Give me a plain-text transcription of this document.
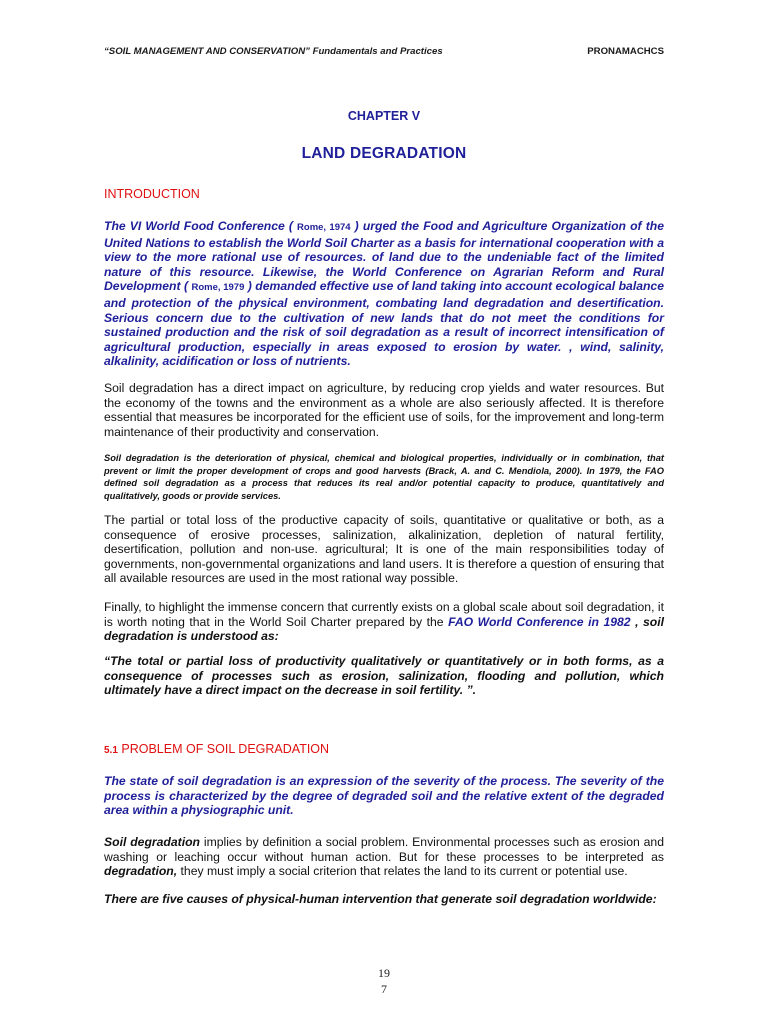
“SOIL MANAGEMENT AND CONSERVATION” Fundamentals and Practices	PRONAMACHCS
CHAPTER V
LAND DEGRADATION
INTRODUCTION

The VI World Food Conference ( Rome, 1974 ) urged the Food and Agriculture Organization of the United Nations to establish the World Soil Charter as a basis for international cooperation with a view to the more rational use of resources. of land due to the undeniable fact of the limited nature of this resource. Likewise, the World Conference on Agrarian Reform and Rural Development ( Rome, 1979 ) demanded effective use of land taking into account ecological balance and protection of the physical environment, combating land degradation and desertification. Serious concern due to the cultivation of new lands that do not meet the conditions for sustained production and the risk of soil degradation as a result of incorrect intensification of agricultural production, especially in areas exposed to erosion by water. , wind, salinity, alkalinity, acidification or loss of nutrients.

Soil degradation has a direct impact on agriculture, by reducing crop yields and water resources. But the economy of the towns and the environment as a whole are also seriously affected. It is therefore essential that measures be incorporated for the efficient use of soils, for the improvement and long-term maintenance of their productivity and conservation.

Soil degradation is the deterioration of physical, chemical and biological properties, individually or in combination, that prevent or limit the proper development of crops and good harvests (Brack, A. and C. Mendiola, 2000). In 1979, the FAO defined soil degradation as a process that reduces its real and/or potential capacity to produce, quantitatively and qualitatively, goods or provide services.

The partial or total loss of the productive capacity of soils, quantitative or qualitative or both, as a consequence of erosive processes, salinization, alkalinization, depletion of natural fertility, desertification, pollution and non-use. agricultural; It is one of the main responsibilities today of governments, non-governmental organizations and land users. It is therefore a question of ensuring that all available resources are used in the most rational way possible.

Finally, to highlight the immense concern that currently exists on a global scale about soil degradation, it is worth noting that in the World Soil Charter prepared by the FAO World Conference in 1982 , soil degradation is understood as:

“The total or partial loss of productivity qualitatively or quantitatively or in both forms, as a consequence of processes such as erosion, salinization, flooding and pollution, which ultimately have a direct impact on the decrease in soil fertility. ”.

5.1 PROBLEM OF SOIL DEGRADATION

The state of soil degradation is an expression of the severity of the process. The severity of the process is characterized by the degree of degraded soil and the relative extent of the degraded area within a physiographic unit.

Soil degradation implies by definition a social problem. Environmental processes such as erosion and washing or leaching occur without human action. But for these processes to be interpreted as degradation, they must imply a social criterion that relates the land to its current or potential use.

There are five causes of physical-human intervention that generate soil degradation worldwide:

19
7
